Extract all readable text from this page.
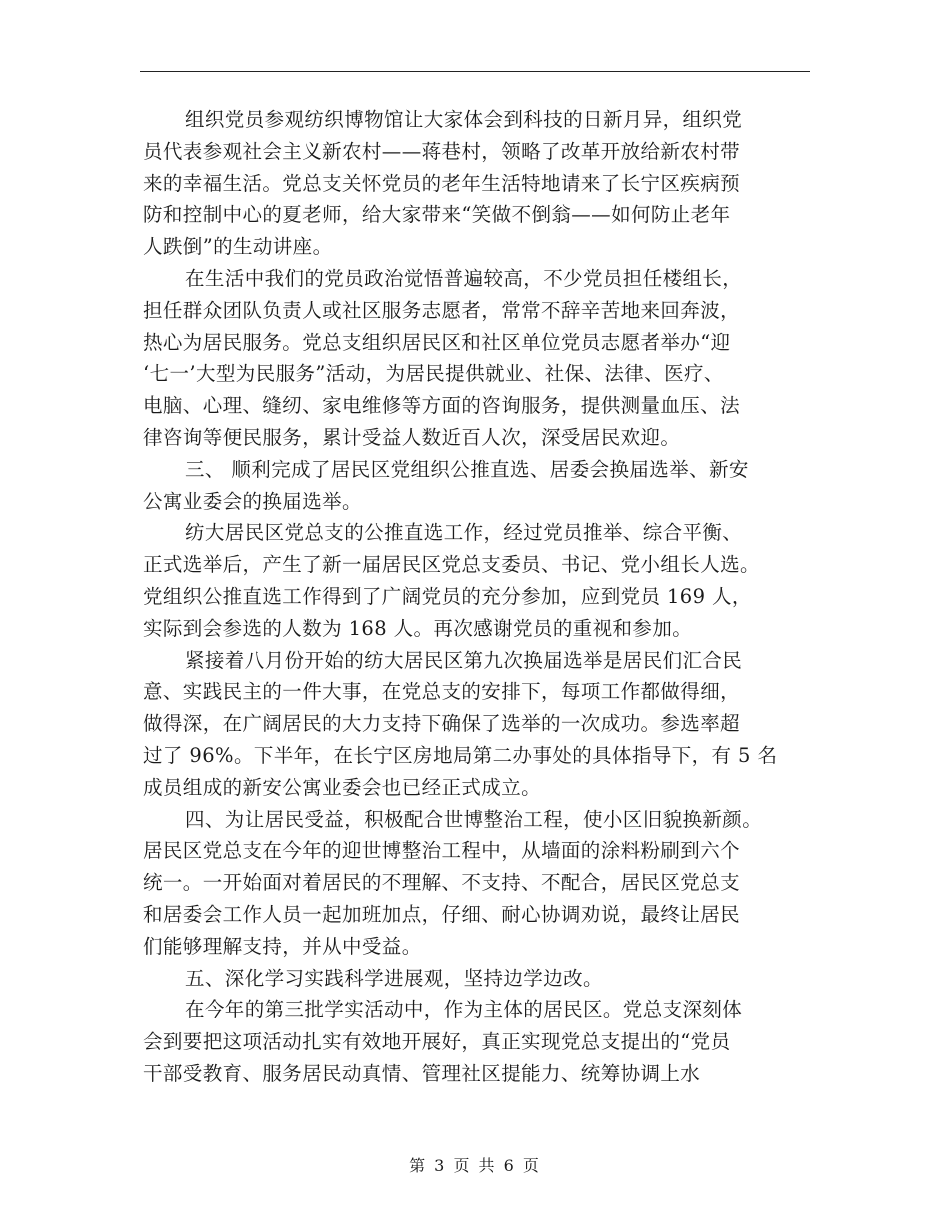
组织党员参观纺织博物馆让大家体会到科技的日新月异，组织党
员代表参观社会主义新农村——蒋巷村，领略了改革开放给新农村带
来的幸福生活。党总支关怀党员的老年生活特地请来了长宁区疾病预
防和控制中心的夏老师，给大家带来“笑做不倒翁——如何防止老年
人跌倒”的生动讲座。
在生活中我们的党员政治觉悟普遍较高，不少党员担任楼组长，
担任群众团队负责人或社区服务志愿者，常常不辞辛苦地来回奔波，
热心为居民服务。党总支组织居民区和社区单位党员志愿者举办“迎
‘七一’大型为民服务”活动，为居民提供就业、社保、法律、医疗、
电脑、心理、缝纫、家电维修等方面的咨询服务，提供测量血压、法
律咨询等便民服务，累计受益人数近百人次，深受居民欢迎。
三、 顺利完成了居民区党组织公推直选、居委会换届选举、新安
公寓业委会的换届选举。
纺大居民区党总支的公推直选工作，经过党员推举、综合平衡、
正式选举后，产生了新一届居民区党总支委员、书记、党小组长人选。
党组织公推直选工作得到了广阔党员的充分参加，应到党员 169 人，
实际到会参选的人数为 168 人。再次感谢党员的重视和参加。
紧接着八月份开始的纺大居民区第九次换届选举是居民们汇合民
意、实践民主的一件大事，在党总支的安排下，每项工作都做得细，
做得深，在广阔居民的大力支持下确保了选举的一次成功。参选率超
过了 96%。下半年，在长宁区房地局第二办事处的具体指导下，有 5 名
成员组成的新安公寓业委会也已经正式成立。
四、为让居民受益，积极配合世博整治工程，使小区旧貌换新颜。
居民区党总支在今年的迎世博整治工程中，从墙面的涂料粉刷到六个
统一。一开始面对着居民的不理解、不支持、不配合，居民区党总支
和居委会工作人员一起加班加点，仔细、耐心协调劝说，最终让居民
们能够理解支持，并从中受益。
五、深化学习实践科学进展观，坚持边学边改。
在今年的第三批学实活动中，作为主体的居民区。党总支深刻体
会到要把这项活动扎实有效地开展好，真正实现党总支提出的“党员
干部受教育、服务居民动真情、管理社区提能力、统筹协调上水
第 3 页 共 6 页
